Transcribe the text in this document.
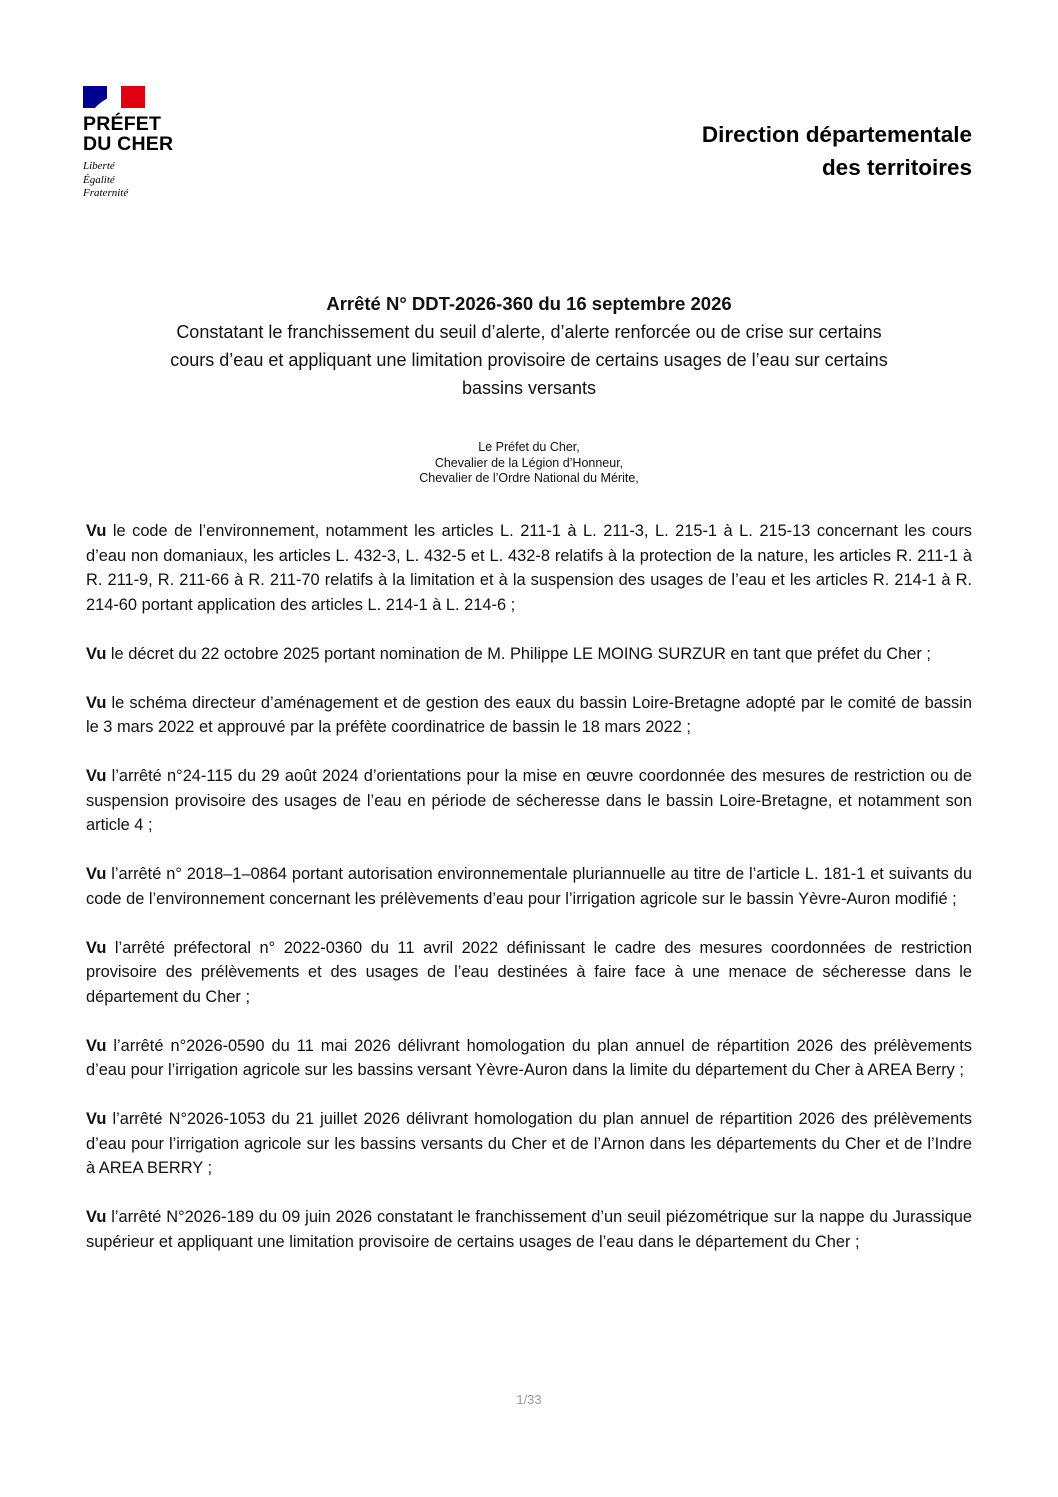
PRÉFET
DU CHER
Liberté
Égalité
Fraternité
Direction départementale
des territoires
Arrêté N° DDT-2026-360 du 16 septembre 2026
Constatant le franchissement du seuil d’alerte, d’alerte renforcée ou de crise sur certains
cours d’eau et appliquant une limitation provisoire de certains usages de l’eau sur certains
bassins versants
Le Préfet du Cher,
Chevalier de la Légion d’Honneur,
Chevalier de l’Ordre National du Mérite,

Vu le code de l’environnement, notamment les articles L. 211-1 à L. 211-3, L. 215-1 à L. 215-13 concernant les cours d’eau non domaniaux, les articles L. 432-3, L. 432-5 et L. 432-8 relatifs à la protection de la nature, les articles R. 211-1 à R. 211-9, R. 211-66 à R. 211-70 relatifs à la limitation et à la suspension des usages de l’eau et les articles R. 214-1 à R. 214-60 portant application des articles L. 214-1 à L. 214-6 ;

Vu le décret du 22 octobre 2025 portant nomination de M. Philippe LE MOING SURZUR en tant que préfet du Cher ;

Vu le schéma directeur d’aménagement et de gestion des eaux du bassin Loire-Bretagne adopté par le comité de bassin le 3 mars 2022 et approuvé par la préfète coordinatrice de bassin le 18 mars 2022 ;

Vu l’arrêté n°24-115 du 29 août 2024 d’orientations pour la mise en œuvre coordonnée des mesures de restriction ou de suspension provisoire des usages de l’eau en période de sécheresse dans le bassin Loire-Bretagne, et notamment son article 4 ;

Vu l’arrêté n° 2018–1–0864 portant autorisation environnementale pluriannuelle au titre de l’article L. 181-1 et suivants du code de l’environnement concernant les prélèvements d’eau pour l’irrigation agricole sur le bassin Yèvre-Auron modifié ;

Vu l’arrêté préfectoral n° 2022-0360 du 11 avril 2022 définissant le cadre des mesures coordonnées de restriction provisoire des prélèvements et des usages de l’eau destinées à faire face à une menace de sécheresse dans le département du Cher ;

Vu l’arrêté n°2026-0590 du 11 mai 2026 délivrant homologation du plan annuel de répartition 2026 des prélèvements d’eau pour l’irrigation agricole sur les bassins versant Yèvre-Auron dans la limite du département du Cher à AREA Berry ;

Vu l’arrêté N°2026-1053 du 21 juillet 2026 délivrant homologation du plan annuel de répartition 2026 des prélèvements d’eau pour l’irrigation agricole sur les bassins versants du Cher et de l’Arnon dans les départements du Cher et de l’Indre à AREA BERRY ;

Vu l’arrêté N°2026-189 du 09 juin 2026 constatant le franchissement d’un seuil piézométrique sur la nappe du Jurassique supérieur et appliquant une limitation provisoire de certains usages de l’eau dans le département du Cher ;

1/33
